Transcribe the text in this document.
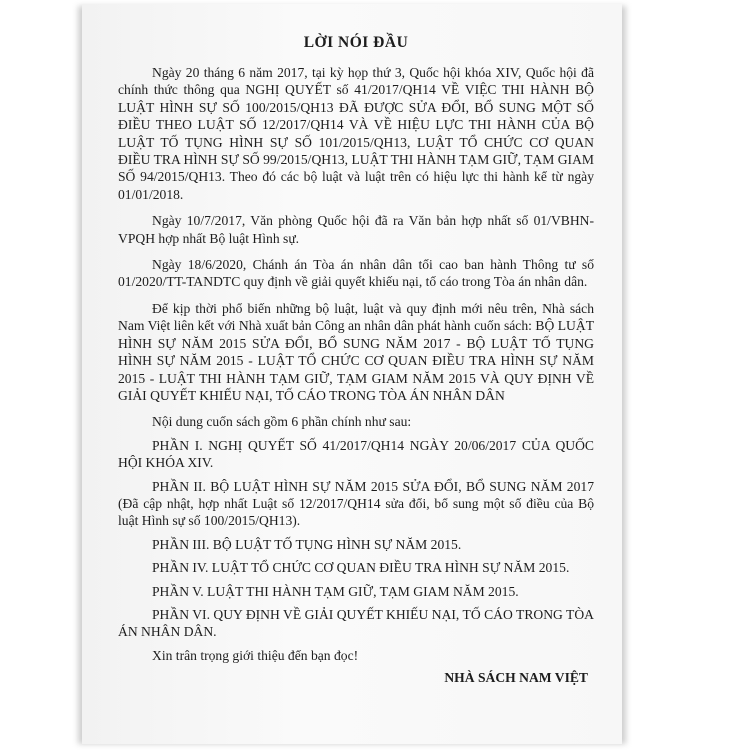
LỜI NÓI ĐẦU

Ngày 20 tháng 6 năm 2017, tại kỳ họp thứ 3, Quốc hội khóa XIV, Quốc hội đã chính thức thông qua NGHỊ QUYẾT số 41/2017/QH14 VỀ VIỆC THI HÀNH BỘ LUẬT HÌNH SỰ SỐ 100/2015/QH13 ĐÃ ĐƯỢC SỬA ĐỔI, BỔ SUNG MỘT SỐ ĐIỀU THEO LUẬT SỐ 12/2017/QH14 VÀ VỀ HIỆU LỰC THI HÀNH CỦA BỘ LUẬT TỐ TỤNG HÌNH SỰ SỐ 101/2015/QH13, LUẬT TỔ CHỨC CƠ QUAN ĐIỀU TRA HÌNH SỰ SỐ 99/2015/QH13, LUẬT THI HÀNH TẠM GIỮ, TẠM GIAM SỐ 94/2015/QH13. Theo đó các bộ luật và luật trên có hiệu lực thi hành kể từ ngày 01/01/2018.

Ngày 10/7/2017, Văn phòng Quốc hội đã ra Văn bản hợp nhất số 01/VBHN-VPQH hợp nhất Bộ luật Hình sự.

Ngày 18/6/2020, Chánh án Tòa án nhân dân tối cao ban hành Thông tư số 01/2020/TT-TANDTC quy định về giải quyết khiếu nại, tố cáo trong Tòa án nhân dân.

Để kịp thời phổ biến những bộ luật, luật và quy định mới nêu trên, Nhà sách Nam Việt liên kết với Nhà xuất bản Công an nhân dân phát hành cuốn sách: BỘ LUẬT HÌNH SỰ NĂM 2015 SỬA ĐỔI, BỔ SUNG NĂM 2017 - BỘ LUẬT TỐ TỤNG HÌNH SỰ NĂM 2015 - LUẬT TỔ CHỨC CƠ QUAN ĐIỀU TRA HÌNH SỰ NĂM 2015 - LUẬT THI HÀNH TẠM GIỮ, TẠM GIAM NĂM 2015 VÀ QUY ĐỊNH VỀ GIẢI QUYẾT KHIẾU NẠI, TỐ CÁO TRONG TÒA ÁN NHÂN DÂN

Nội dung cuốn sách gồm 6 phần chính như sau:

PHẦN I. NGHỊ QUYẾT SỐ 41/2017/QH14 NGÀY 20/06/2017 CỦA QUỐC HỘI KHÓA XIV.

PHẦN II. BỘ LUẬT HÌNH SỰ NĂM 2015 SỬA ĐỔI, BỔ SUNG NĂM 2017 (Đã cập nhật, hợp nhất Luật số 12/2017/QH14 sửa đổi, bổ sung một số điều của Bộ luật Hình sự số 100/2015/QH13).

PHẦN III. BỘ LUẬT TỐ TỤNG HÌNH SỰ NĂM 2015.

PHẦN IV. LUẬT TỔ CHỨC CƠ QUAN ĐIỀU TRA HÌNH SỰ NĂM 2015.

PHẦN V. LUẬT THI HÀNH TẠM GIỮ, TẠM GIAM NĂM 2015.

PHẦN VI. QUY ĐỊNH VỀ GIẢI QUYẾT KHIẾU NẠI, TỐ CÁO TRONG TÒA ÁN NHÂN DÂN.

Xin trân trọng giới thiệu đến bạn đọc!

NHÀ SÁCH NAM VIỆT
